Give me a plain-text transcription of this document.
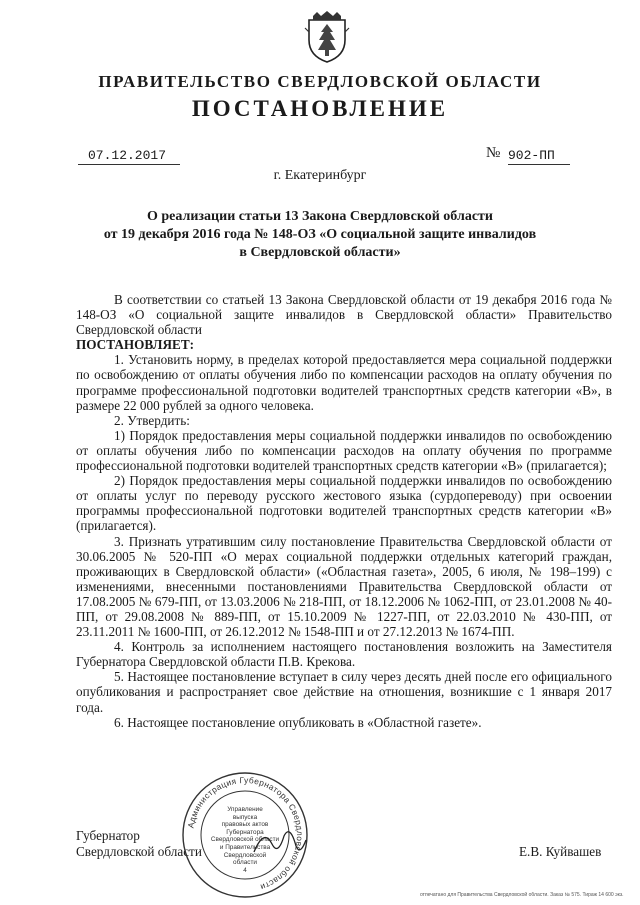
ПРАВИТЕЛЬСТВО СВЕРДЛОВСКОЙ ОБЛАСТИ
ПОСТАНОВЛЕНИЕ
07.12.2017	№ 902-ПП
г. Екатеринбург
О реализации статьи 13 Закона Свердловской области
от 19 декабря 2016 года № 148-ОЗ «О социальной защите инвалидов
в Свердловской области»

В соответствии со статьей 13 Закона Свердловской области от 19 декабря 2016 года № 148-ОЗ «О социальной защите инвалидов в Свердловской области» Правительство Свердловской области

ПОСТАНОВЛЯЕТ:

1. Установить норму, в пределах которой предоставляется мера социальной поддержки по освобождению от оплаты обучения либо по компенсации расходов на оплату обучения по программе профессиональной подготовки водителей транспортных средств категории «В», в размере 22 000 рублей за одного человека.

2. Утвердить:

1) Порядок предоставления меры социальной поддержки инвалидов по освобождению от оплаты обучения либо по компенсации расходов на оплату обучения по программе профессиональной подготовки водителей транспортных средств категории «В» (прилагается);

2) Порядок предоставления меры социальной поддержки инвалидов по освобождению от оплаты услуг по переводу русского жестового языка (сурдопереводу) при освоении программы профессиональной подготовки водителей транспортных средств категории «В» (прилагается).

3. Признать утратившим силу постановление Правительства Свердловской области от 30.06.2005 № 520-ПП «О мерах социальной поддержки отдельных категорий граждан, проживающих в Свердловской области» («Областная газета», 2005, 6 июля, № 198–199) с изменениями, внесенными постановлениями Правительства Свердловской области от 17.08.2005 № 679-ПП, от 13.03.2006 № 218-ПП, от 18.12.2006 № 1062-ПП, от 23.01.2008 № 40-ПП, от 29.08.2008 № 889-ПП, от 15.10.2009 № 1227-ПП, от 22.03.2010 № 430-ПП, от 23.11.2011 № 1600-ПП, от 26.12.2012 № 1548-ПП и от 27.12.2013 № 1674-ПП.

4. Контроль за исполнением настоящего постановления возложить на Заместителя Губернатора Свердловской области П.В. Крекова.

5. Настоящее постановление вступает в силу через десять дней после его официального опубликования и распространяет свое действие на отношения, возникшие с 1 января 2017 года.

6. Настоящее постановление опубликовать в «Областной газете».

Губернатор
Свердловской области
Администрация Губернатора Свердловской области
Управление
выпуска
правовых актов
Губернатора
Свердловской области
и Правительства
Свердловской
области
4
Е.В. Куйвашев
отпечатано для Правительства Свердловской области. Заказ № 575. Тираж 14 600 экз.
